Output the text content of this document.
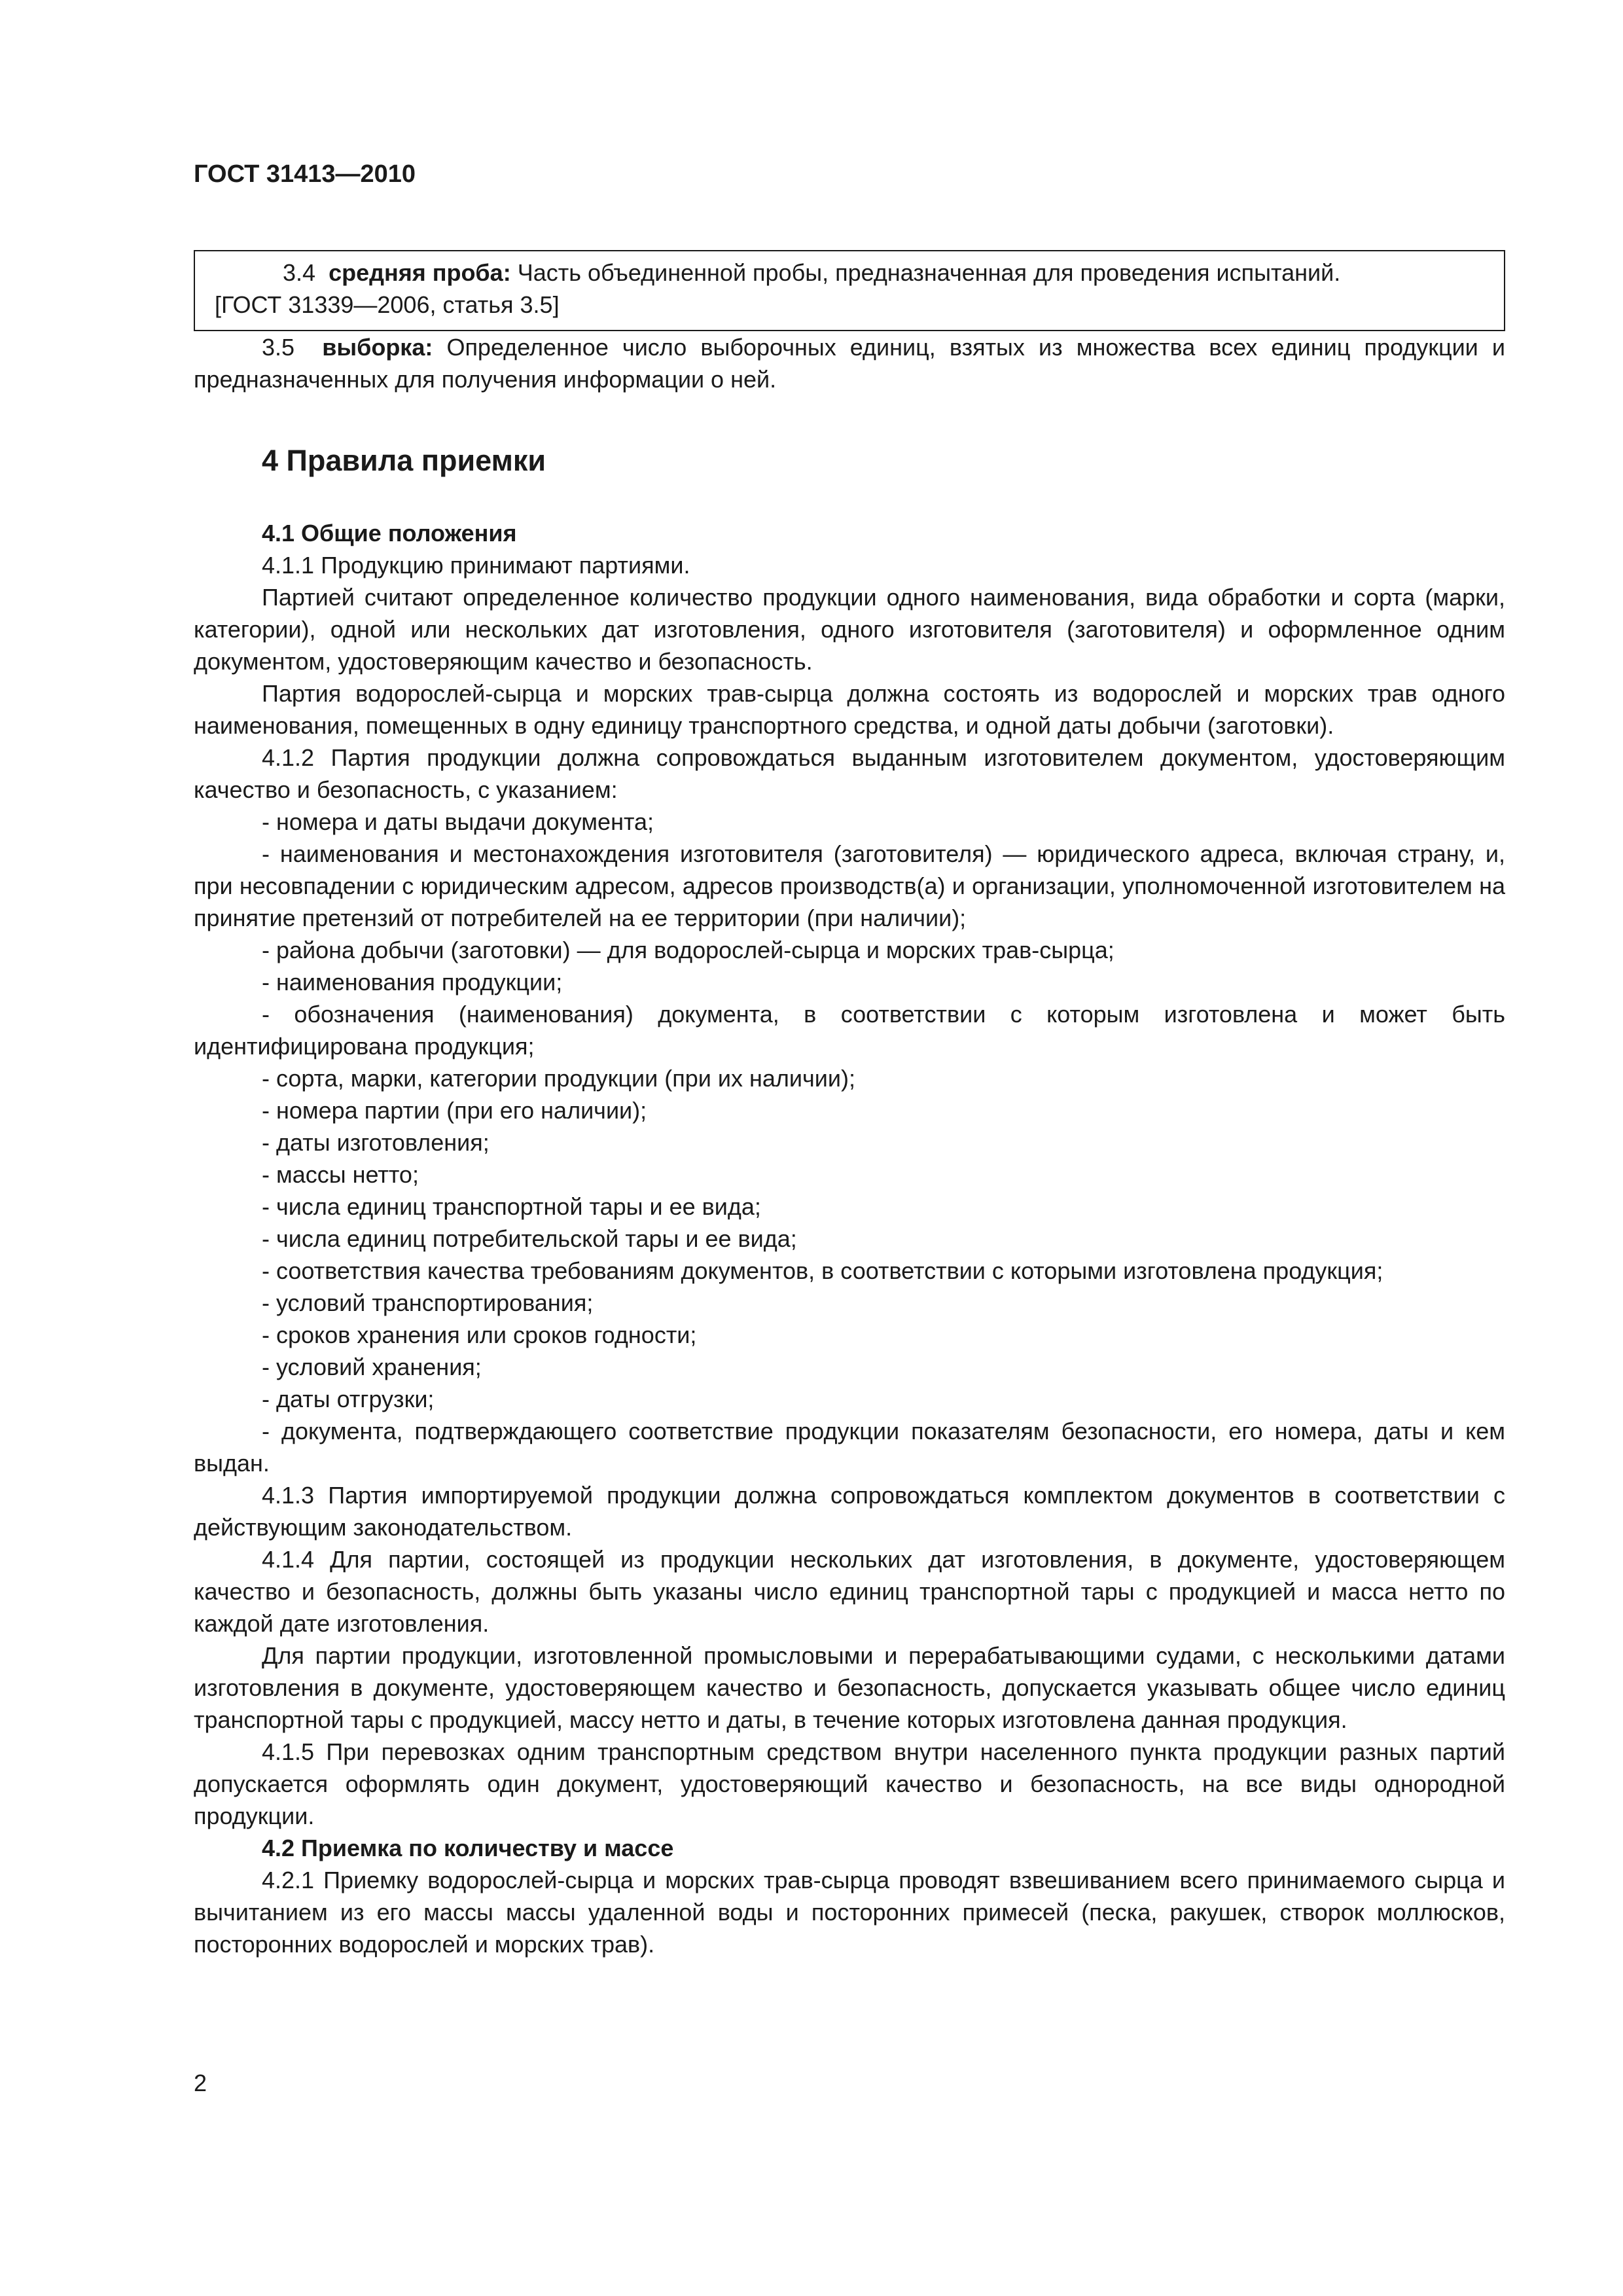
ГОСТ 31413—2010

3.4 средняя проба: Часть объединенной пробы, предназначенная для проведения испытаний.

[ГОСТ 31339—2006, статья 3.5]

3.5 выборка: Определенное число выборочных единиц, взятых из множества всех единиц продукции и предназначенных для получения информации о ней.

4 Правила приемки

4.1 Общие положения

4.1.1 Продукцию принимают партиями.

Партией считают определенное количество продукции одного наименования, вида обработки и сорта (марки, категории), одной или нескольких дат изготовления, одного изготовителя (заготовителя) и оформленное одним документом, удостоверяющим качество и безопасность.

Партия водорослей-сырца и морских трав-сырца должна состоять из водорослей и морских трав одного наименования, помещенных в одну единицу транспортного средства, и одной даты добычи (заготовки).

4.1.2 Партия продукции должна сопровождаться выданным изготовителем документом, удостоверяющим качество и безопасность, с указанием:

- номера и даты выдачи документа;

- наименования и местонахождения изготовителя (заготовителя) — юридического адреса, включая страну, и, при несовпадении с юридическим адресом, адресов производств(а) и организации, уполномоченной изготовителем на принятие претензий от потребителей на ее территории (при наличии);

- района добычи (заготовки) — для водорослей-сырца и морских трав-сырца;

- наименования продукции;

- обозначения (наименования) документа, в соответствии с которым изготовлена и может быть идентифицирована продукция;

- сорта, марки, категории продукции (при их наличии);

- номера партии (при его наличии);

- даты изготовления;

- массы нетто;

- числа единиц транспортной тары и ее вида;

- числа единиц потребительской тары и ее вида;

- соответствия качества требованиям документов, в соответствии с которыми изготовлена продукция;

- условий транспортирования;

- сроков хранения или сроков годности;

- условий хранения;

- даты отгрузки;

- документа, подтверждающего соответствие продукции показателям безопасности, его номера, даты и кем выдан.

4.1.3 Партия импортируемой продукции должна сопровождаться комплектом документов в соответствии с действующим законодательством.

4.1.4 Для партии, состоящей из продукции нескольких дат изготовления, в документе, удостоверяющем качество и безопасность, должны быть указаны число единиц транспортной тары с продукцией и масса нетто по каждой дате изготовления.

Для партии продукции, изготовленной промысловыми и перерабатывающими судами, с несколькими датами изготовления в документе, удостоверяющем качество и безопасность, допускается указывать общее число единиц транспортной тары с продукцией, массу нетто и даты, в течение которых изготовлена данная продукция.

4.1.5 При перевозках одним транспортным средством внутри населенного пункта продукции разных партий допускается оформлять один документ, удостоверяющий качество и безопасность, на все виды однородной продукции.

4.2 Приемка по количеству и массе

4.2.1 Приемку водорослей-сырца и морских трав-сырца проводят взвешиванием всего принимаемого сырца и вычитанием из его массы массы удаленной воды и посторонних примесей (песка, ракушек, створок моллюсков, посторонних водорослей и морских трав).

2
